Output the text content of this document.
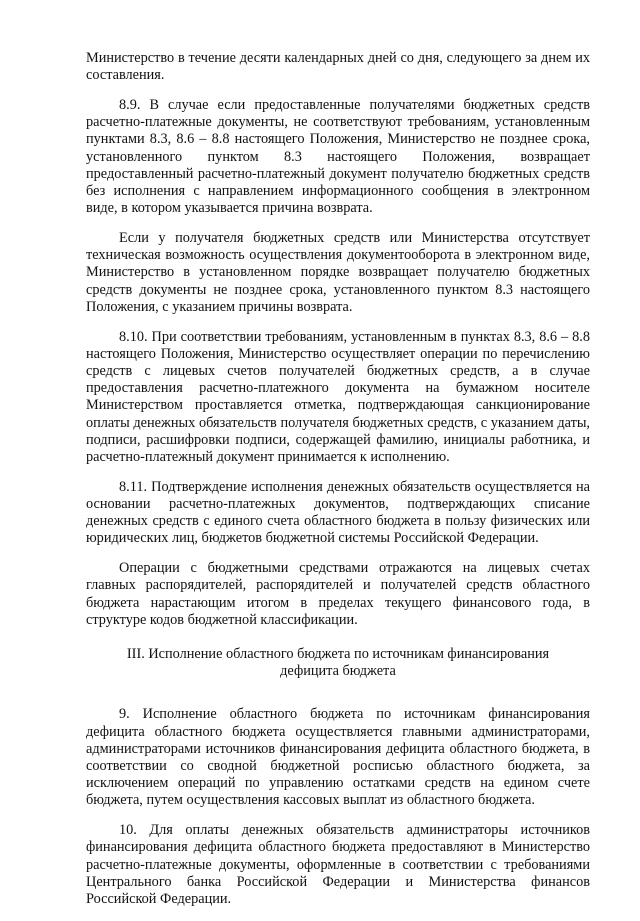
Министерство в течение десяти календарных дней со дня, следующего за днем их составления.

8.9. В случае если предоставленные получателями бюджетных средств расчетно-платежные документы, не соответствуют требованиям, установленным пунктами 8.3, 8.6 – 8.8 настоящего Положения, Министерство не позднее срока, установленного пунктом 8.3 настоящего Положения, возвращает предоставленный расчетно-платежный документ получателю бюджетных средств без исполнения с направлением информационного сообщения в электронном виде, в котором указывается причина возврата.

Если у получателя бюджетных средств или Министерства отсутствует техническая возможность осуществления документооборота в электронном виде, Министерство в установленном порядке возвращает получателю бюджетных средств документы не позднее срока, установленного пунктом 8.3 настоящего Положения, с указанием причины возврата.

8.10. При соответствии требованиям, установленным в пунктах 8.3, 8.6 – 8.8 настоящего Положения, Министерство осуществляет операции по перечислению средств с лицевых счетов получателей бюджетных средств, а в случае предоставления расчетно-платежного документа на бумажном носителе Министерством проставляется отметка, подтверждающая санкционирование оплаты денежных обязательств получателя бюджетных средств, с указанием даты, подписи, расшифровки подписи, содержащей фамилию, инициалы работника, и расчетно-платежный документ принимается к исполнению.

8.11. Подтверждение исполнения денежных обязательств осуществляется на основании расчетно-платежных документов, подтверждающих списание денежных средств с единого счета областного бюджета в пользу физических или юридических лиц, бюджетов бюджетной системы Российской Федерации.

Операции с бюджетными средствами отражаются на лицевых счетах главных распорядителей, распорядителей и получателей средств областного бюджета нарастающим итогом в пределах текущего финансового года, в структуре кодов бюджетной классификации.

III. Исполнение областного бюджета по источникам финансирования дефицита бюджета

9. Исполнение областного бюджета по источникам финансирования дефицита областного бюджета осуществляется главными администраторами, администраторами источников финансирования дефицита областного бюджета, в соответствии со сводной бюджетной росписью областного бюджета, за исключением операций по управлению остатками средств на едином счете бюджета, путем осуществления кассовых выплат из областного бюджета.

10. Для оплаты денежных обязательств администраторы источников финансирования дефицита областного бюджета предоставляют в Министерство расчетно-платежные документы, оформленные в соответствии с требованиями Центрального банка Российской Федерации и Министерства финансов Российской Федерации.
